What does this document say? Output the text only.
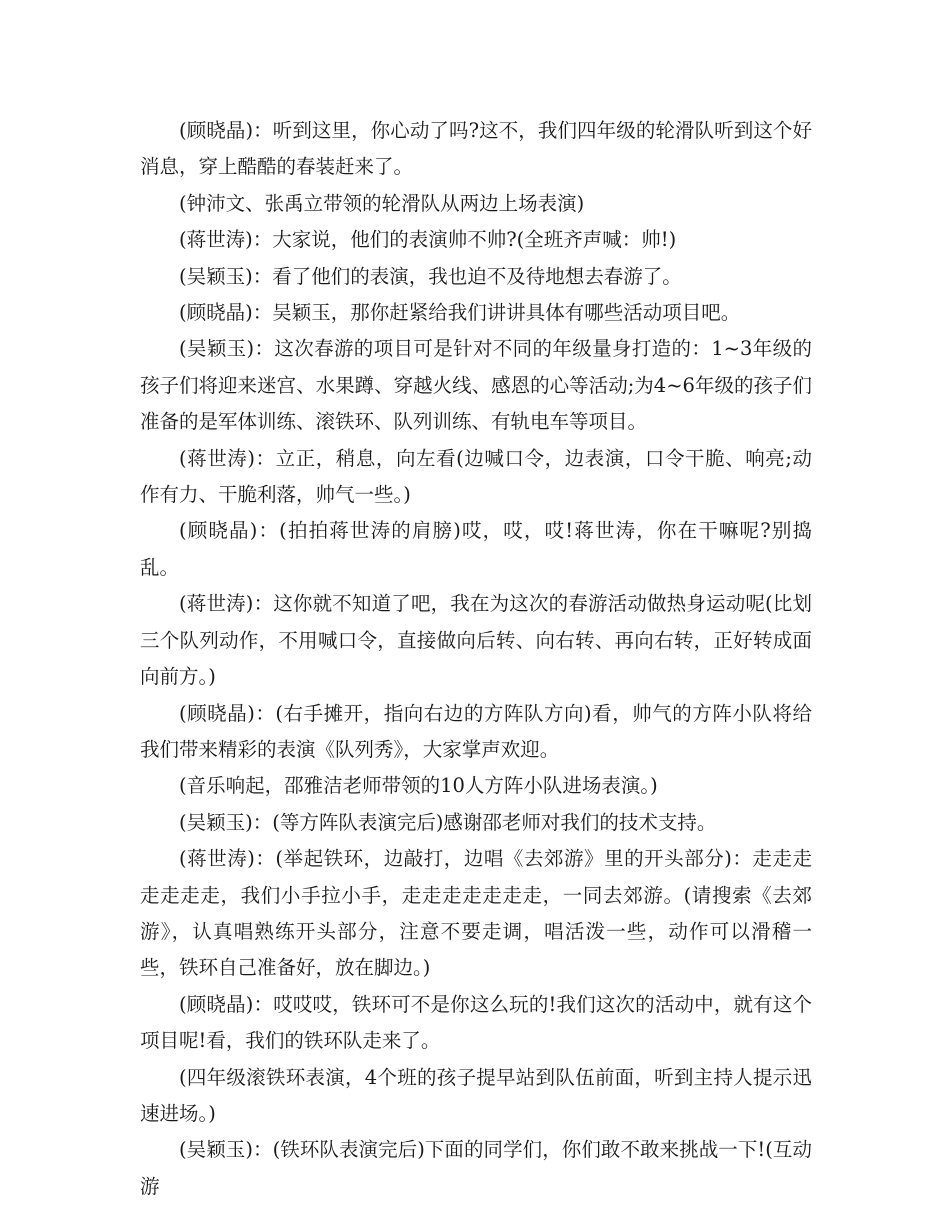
(顾晓晶)：听到这里，你心动了吗?这不，我们四年级的轮滑队听到这个好消息，穿上酷酷的春装赶来了。

(钟沛文、张禹立带领的轮滑队从两边上场表演)

(蒋世涛)：大家说，他们的表演帅不帅?(全班齐声喊：帅!)

(吴颖玉)：看了他们的表演，我也迫不及待地想去春游了。

(顾晓晶)：吴颖玉，那你赶紧给我们讲讲具体有哪些活动项目吧。

(吴颖玉)：这次春游的项目可是针对不同的年级量身打造的：1~3年级的孩子们将迎来迷宫、水果蹲、穿越火线、感恩的心等活动;为4~6年级的孩子们准备的是军体训练、滚铁环、队列训练、有轨电车等项目。

(蒋世涛)：立正，稍息，向左看(边喊口令，边表演，口令干脆、响亮;动作有力、干脆利落，帅气一些。)

(顾晓晶)：(拍拍蒋世涛的肩膀)哎，哎，哎!蒋世涛，你在干嘛呢?别捣乱。

(蒋世涛)：这你就不知道了吧，我在为这次的春游活动做热身运动呢(比划三个队列动作，不用喊口令，直接做向后转、向右转、再向右转，正好转成面向前方。)

(顾晓晶)：(右手摊开，指向右边的方阵队方向)看，帅气的方阵小队将给我们带来精彩的表演《队列秀》，大家掌声欢迎。

(音乐响起，邵雅洁老师带领的10人方阵小队进场表演。)

(吴颖玉)：(等方阵队表演完后)感谢邵老师对我们的技术支持。

(蒋世涛)：(举起铁环，边敲打，边唱《去郊游》里的开头部分)：走走走走走走走，我们小手拉小手，走走走走走走走，一同去郊游。(请搜索《去郊游》，认真唱熟练开头部分，注意不要走调，唱活泼一些，动作可以滑稽一些，铁环自己准备好，放在脚边。)

(顾晓晶)：哎哎哎，铁环可不是你这么玩的!我们这次的活动中，就有这个项目呢!看，我们的铁环队走来了。

(四年级滚铁环表演，4个班的孩子提早站到队伍前面，听到主持人提示迅速进场。)

(吴颖玉)：(铁环队表演完后)下面的同学们，你们敢不敢来挑战一下!(互动游
